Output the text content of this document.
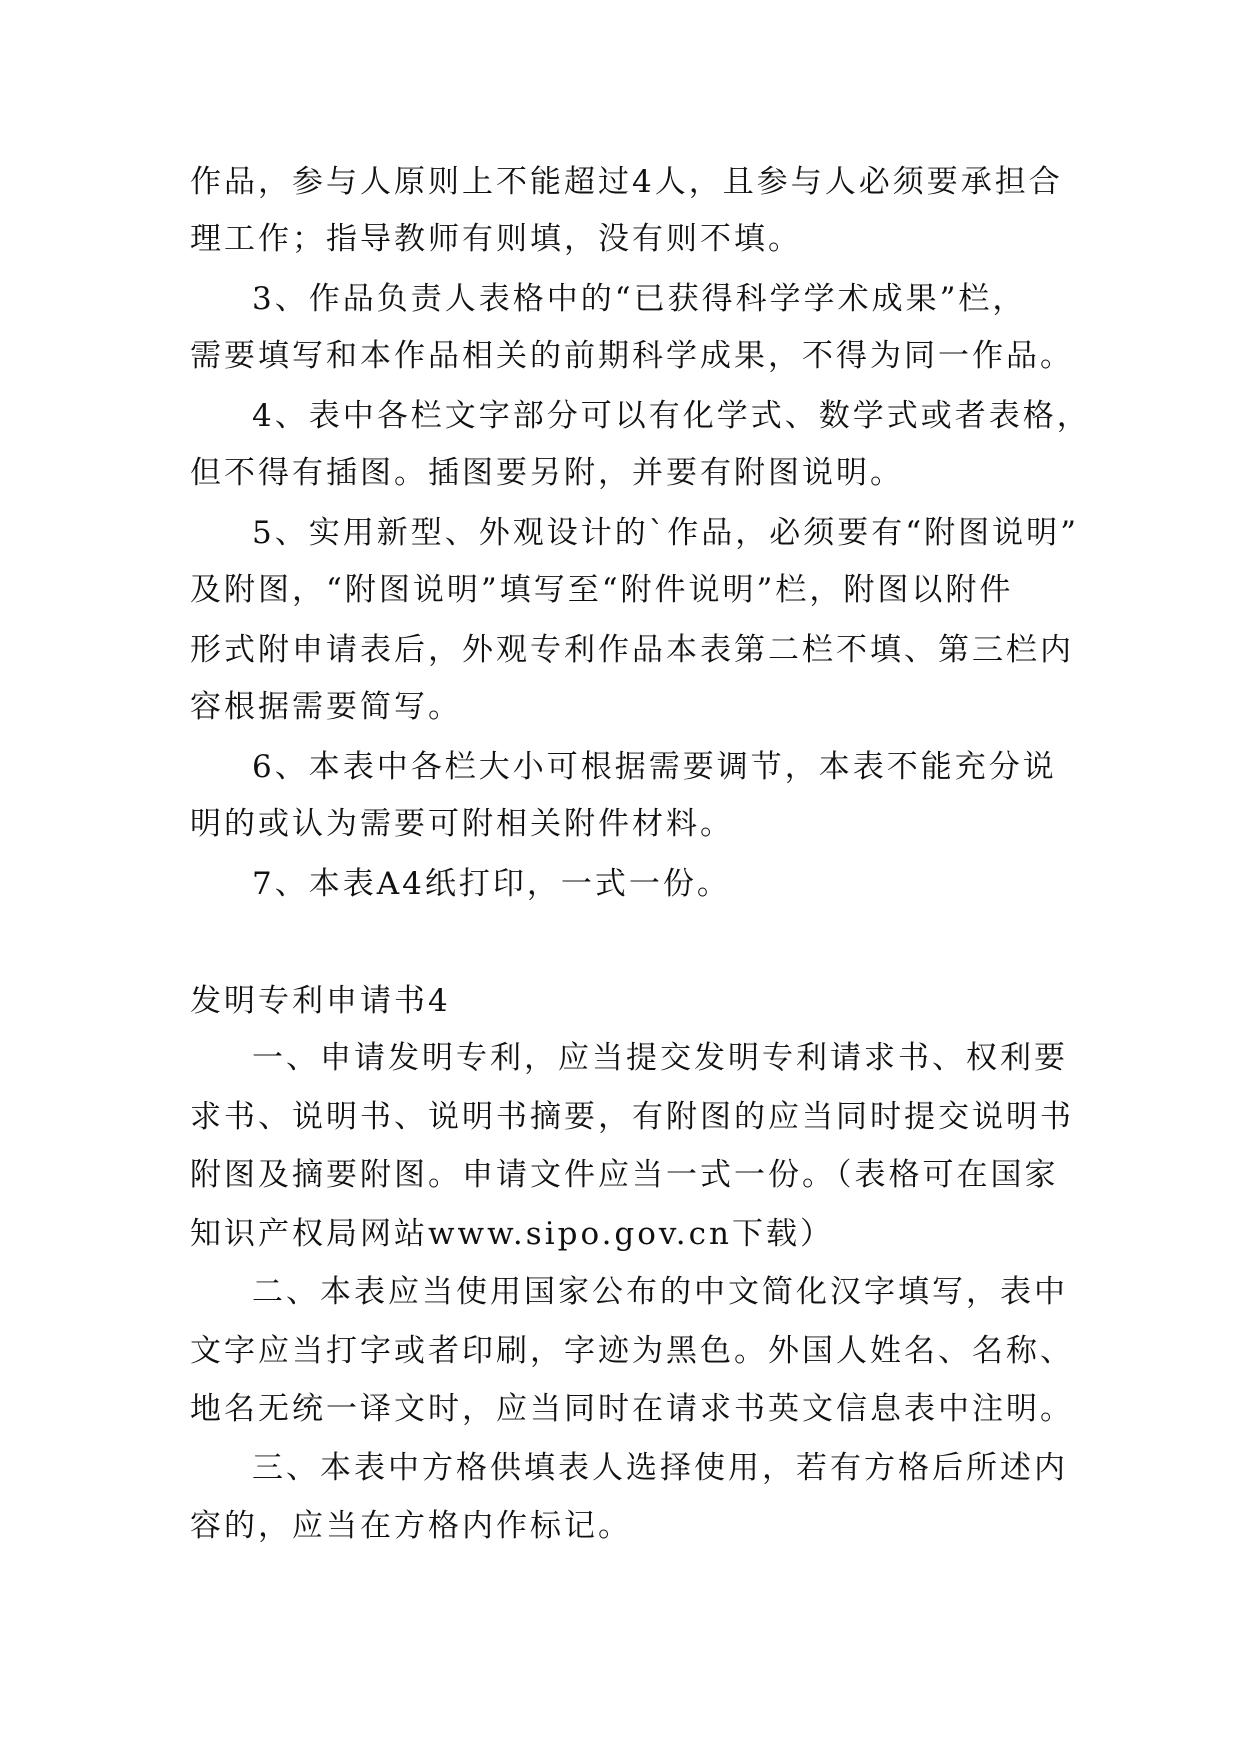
作品，参与人原则上不能超过4人，且参与人必须要承担合
理工作；指导教师有则填，没有则不填。
3、作品负责人表格中的“已获得科学学术成果”栏，
需要填写和本作品相关的前期科学成果，不得为同一作品。
4、表中各栏文字部分可以有化学式、数学式或者表格，
但不得有插图。插图要另附，并要有附图说明。
5、实用新型、外观设计的`作品，必须要有“附图说明”
及附图，“附图说明”填写至“附件说明”栏，附图以附件
形式附申请表后，外观专利作品本表第二栏不填、第三栏内
容根据需要简写。
6、本表中各栏大小可根据需要调节，本表不能充分说
明的或认为需要可附相关附件材料。
7、本表A4纸打印，一式一份。
发明专利申请书4
一、申请发明专利，应当提交发明专利请求书、权利要
求书、说明书、说明书摘要，有附图的应当同时提交说明书
附图及摘要附图。申请文件应当一式一份。（表格可在国家
知识产权局网站www.sipo.gov.cn下载）
二、本表应当使用国家公布的中文简化汉字填写，表中
文字应当打字或者印刷，字迹为黑色。外国人姓名、名称、
地名无统一译文时，应当同时在请求书英文信息表中注明。
三、本表中方格供填表人选择使用，若有方格后所述内
容的，应当在方格内作标记。
